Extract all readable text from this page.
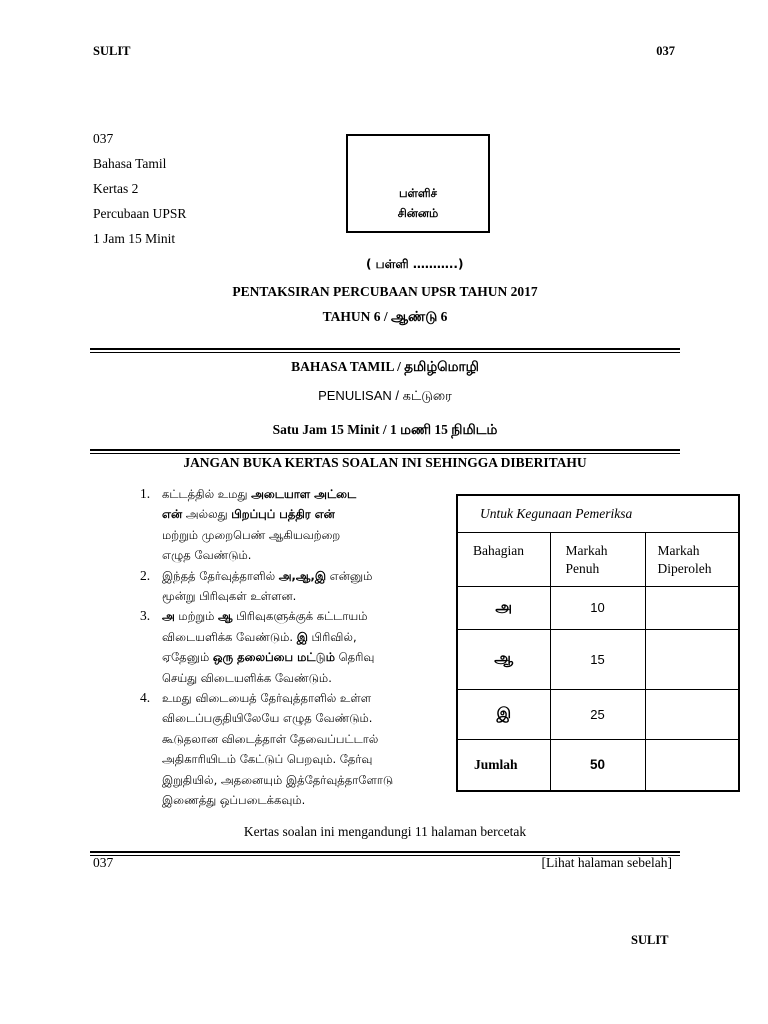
SULIT	037
037
Bahasa Tamil
Kertas 2
Percubaan UPSR
1 Jam 15 Minit
பள்ளிச்
சின்னம்
( பள்ளி ………..)
PENTAKSIRAN PERCUBAAN UPSR TAHUN 2017
TAHUN 6 / ஆண்டு 6
BAHASA TAMIL / தமிழ்மொழி
PENULISAN / கட்டுரை
Satu Jam 15 Minit / 1 மணி 15 நிமிடம்
JANGAN BUKA KERTAS SOALAN INI SEHINGGA DIBERITAHU
1.	கட்டத்தில் உமது அடையாள அட்டை
என் அல்லது பிறப்புப் பத்திர என்
மற்றும் முறைபெண் ஆகியவற்றை
எழுத வேண்டும்.
2.	இந்தத் தேர்வுத்தாளில் அ,ஆ,இ என்னும்
மூன்று பிரிவுகள் உள்ளன.
3.	அ மற்றும் ஆ பிரிவுகளுக்குக் கட்டாயம்
விடையளிக்க வேண்டும். இ பிரிவில்,
ஏதேனும் ஒரு தலைப்பை மட்டும் தெரிவு
செய்து விடையளிக்க வேண்டும்.
4.	உமது விடையைத் தேர்வுத்தாளில் உள்ள
விடைப்பகுதியிலேயே எழுத வேண்டும்.
கூடுதலான விடைத்தாள் தேவைப்பட்டால்
அதிகாரியிடம் கேட்டுப் பெறவும். தேர்வு
இறுதியில், அதனையும் இத்தேர்வுத்தாளோடு
இணைத்து ஒப்படைக்கவும்.
Untuk Kegunaan Pemeriksa		
Bahagian	Markah Penuh	Markah Diperoleh
அ	10	
ஆ	15	
இ	25	
Jumlah	50	
Kertas soalan ini mengandungi 11 halaman bercetak
037	[Lihat halaman sebelah]
SULIT
